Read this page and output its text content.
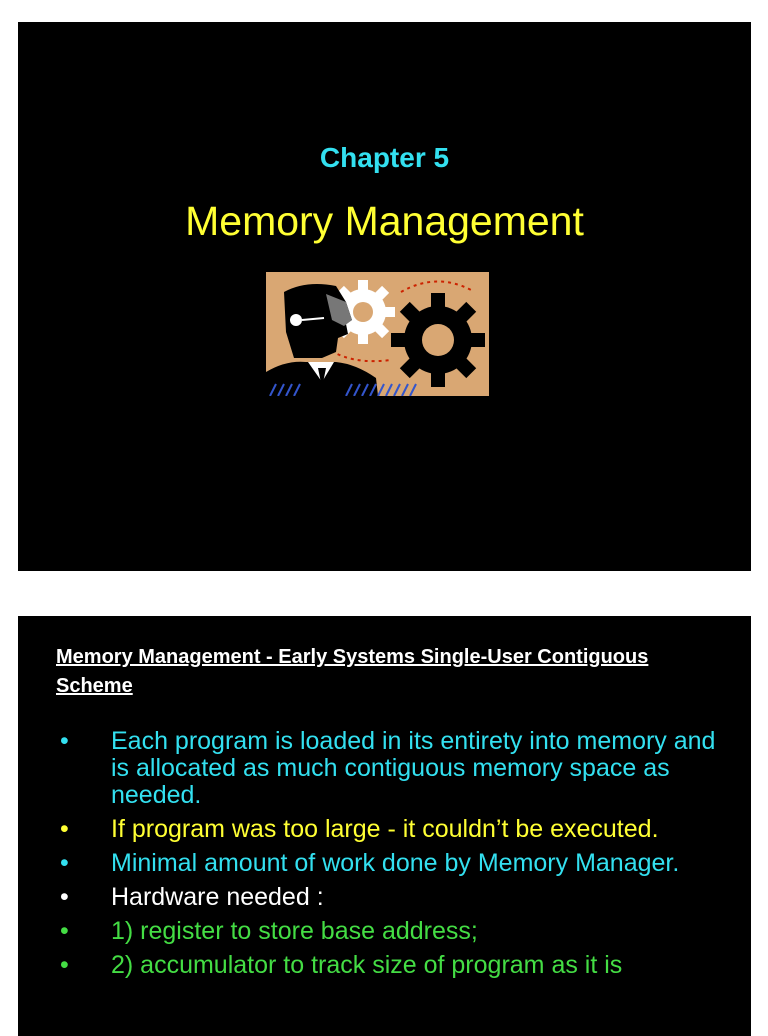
Chapter 5
Memory Management
Memory Management - Early Systems Single-User Contiguous Scheme
• Each program is loaded in its entirety into memory and is allocated as much contiguous memory space as needed.
• If program was too large - it couldn’t be executed.
• Minimal amount of work done by Memory Manager.
• Hardware needed :
• 1) register to store base address;
• 2) accumulator to track size of program as it is
